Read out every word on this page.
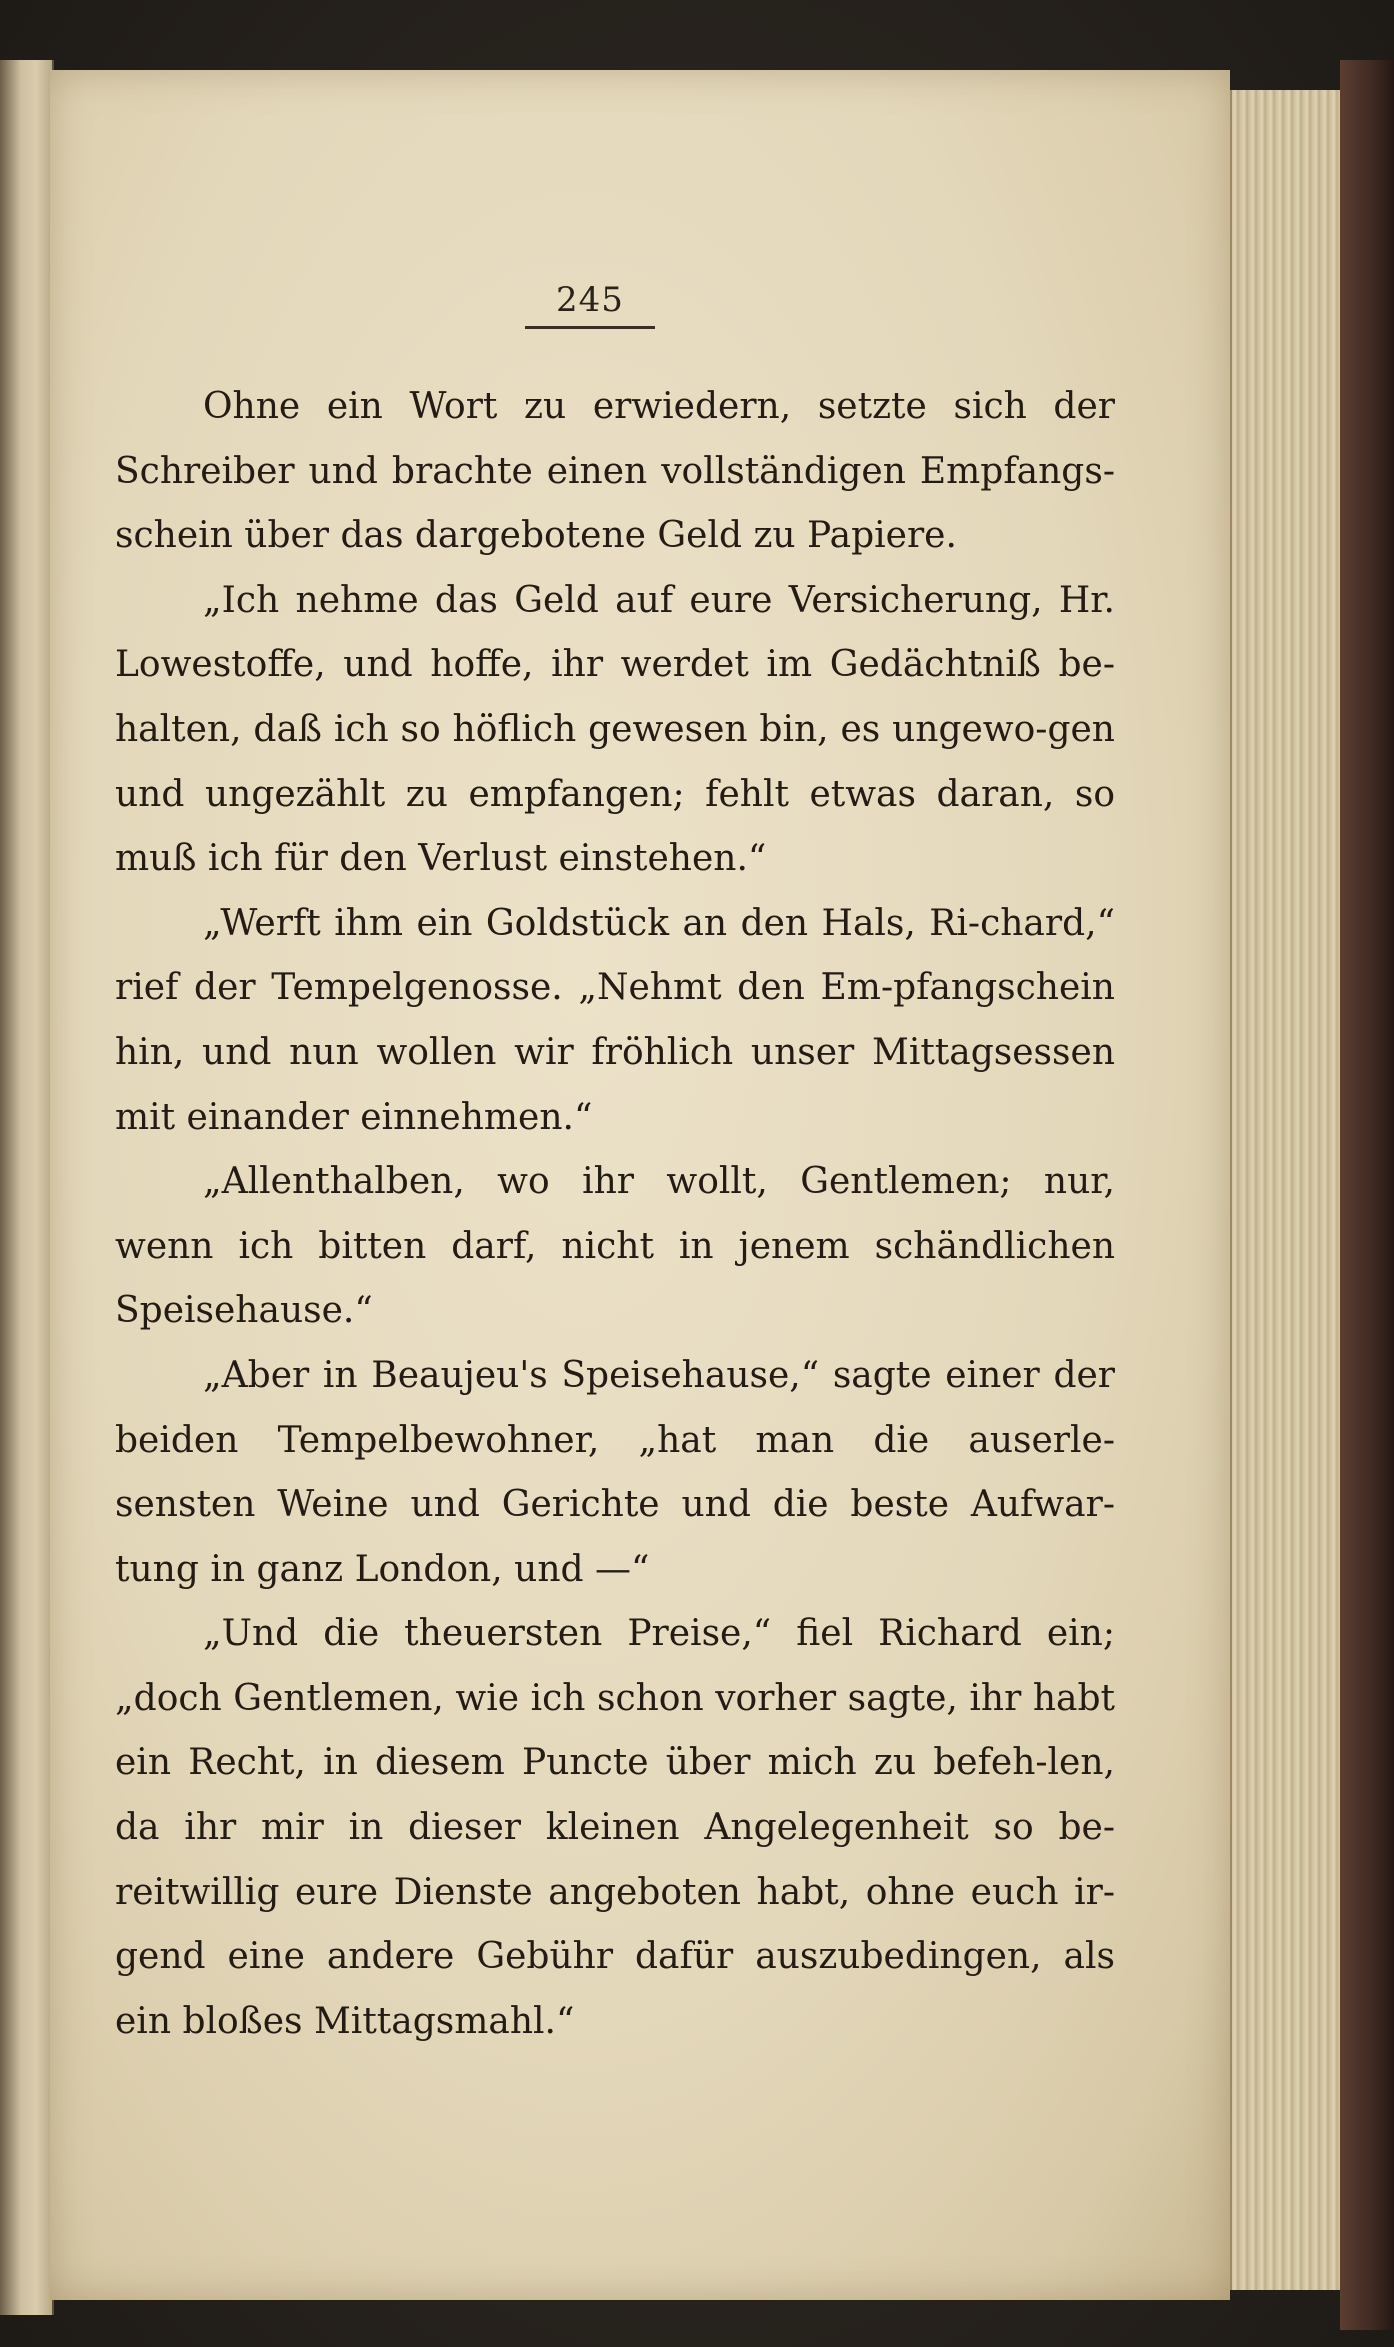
245

Ohne ein Wort zu erwiedern, setzte sich der Schreiber und brachte einen vollständigen Empfangs-schein über das dargebotene Geld zu Papiere.

„Ich nehme das Geld auf eure Versicherung, Hr. Lowestoffe, und hoffe, ihr werdet im Gedächtniß be-halten, daß ich so höflich gewesen bin, es ungewo-gen und ungezählt zu empfangen; fehlt etwas daran, so muß ich für den Verlust einstehen.“

„Werft ihm ein Goldstück an den Hals, Ri-chard,“ rief der Tempelgenosse. „Nehmt den Em-pfangschein hin, und nun wollen wir fröhlich unser Mittagsessen mit einander einnehmen.“

„Allenthalben, wo ihr wollt, Gentlemen; nur, wenn ich bitten darf, nicht in jenem schändlichen Speisehause.“

„Aber in Beaujeu's Speisehause,“ sagte einer der beiden Tempelbewohner, „hat man die auserle-sensten Weine und Gerichte und die beste Aufwar-tung in ganz London, und —“

„Und die theuersten Preise,“ fiel Richard ein; „doch Gentlemen, wie ich schon vorher sagte, ihr habt ein Recht, in diesem Puncte über mich zu befeh-len, da ihr mir in dieser kleinen Angelegenheit so be-reitwillig eure Dienste angeboten habt, ohne euch ir-gend eine andere Gebühr dafür auszubedingen, als ein bloßes Mittagsmahl.“
